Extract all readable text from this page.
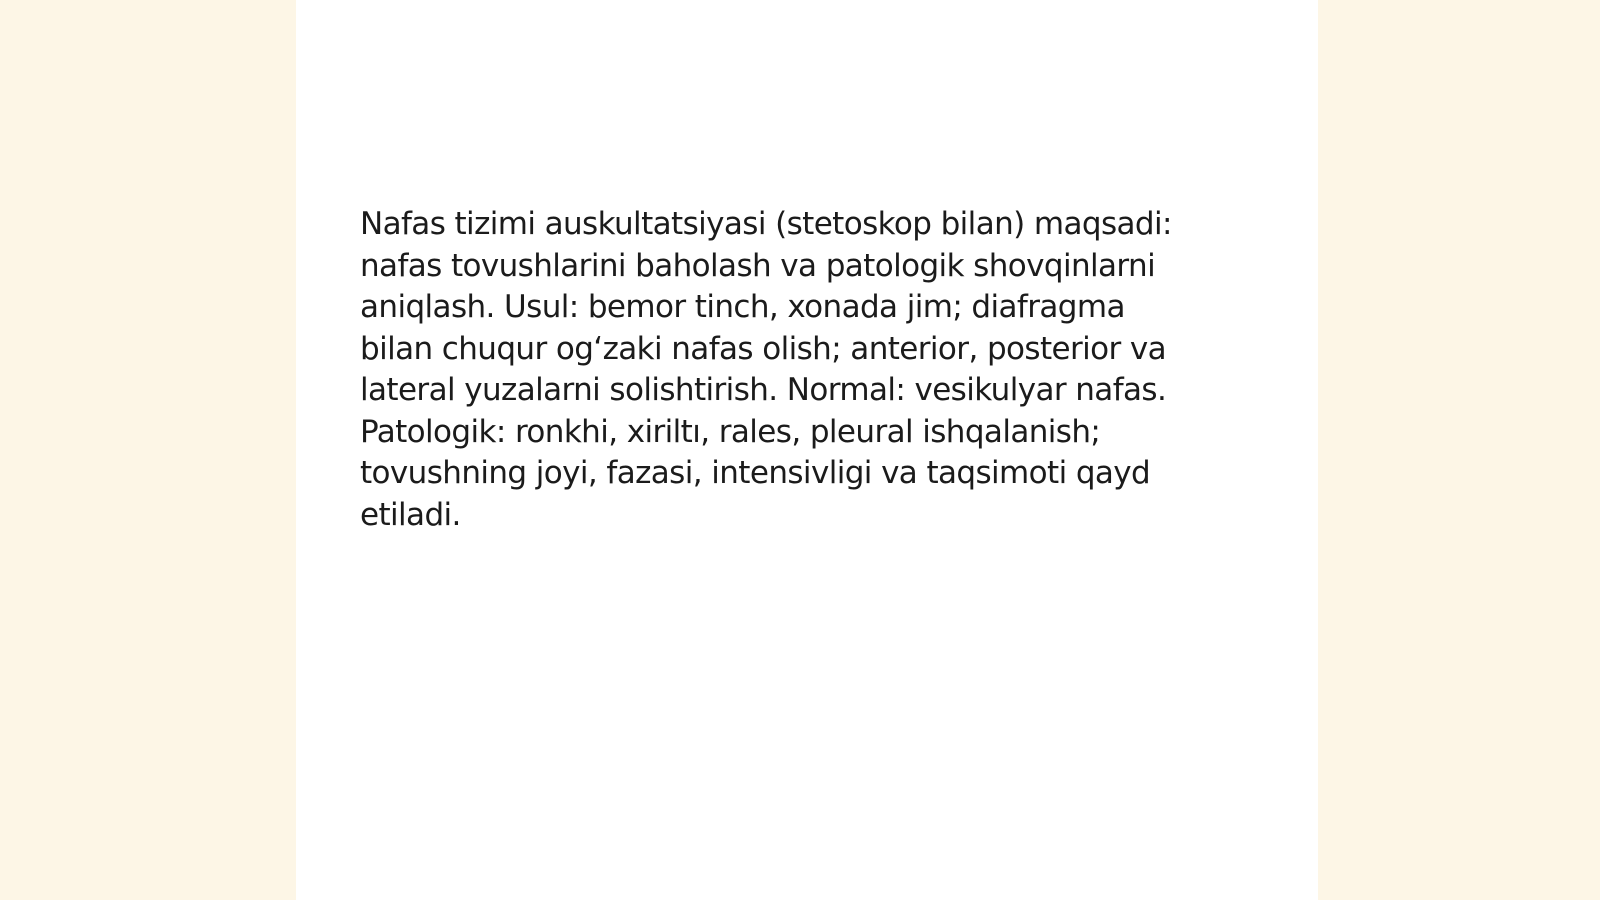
Nafas tizimi auskultatsiyasi (stetoskop bilan) maqsadi:
nafas tovushlarini baholash va patologik shovqinlarni
aniqlash. Usul: bemor tinch, xonada jim; diafragma
bilan chuqur og‘zaki nafas olish; anterior, posterior va
lateral yuzalarni solishtirish. Normal: vesikulyar nafas.
Patologik: ronkhi, xiriltı, rales, pleural ishqalanish;
tovushning joyi, fazasi, intensivligi va taqsimoti qayd
etiladi.
